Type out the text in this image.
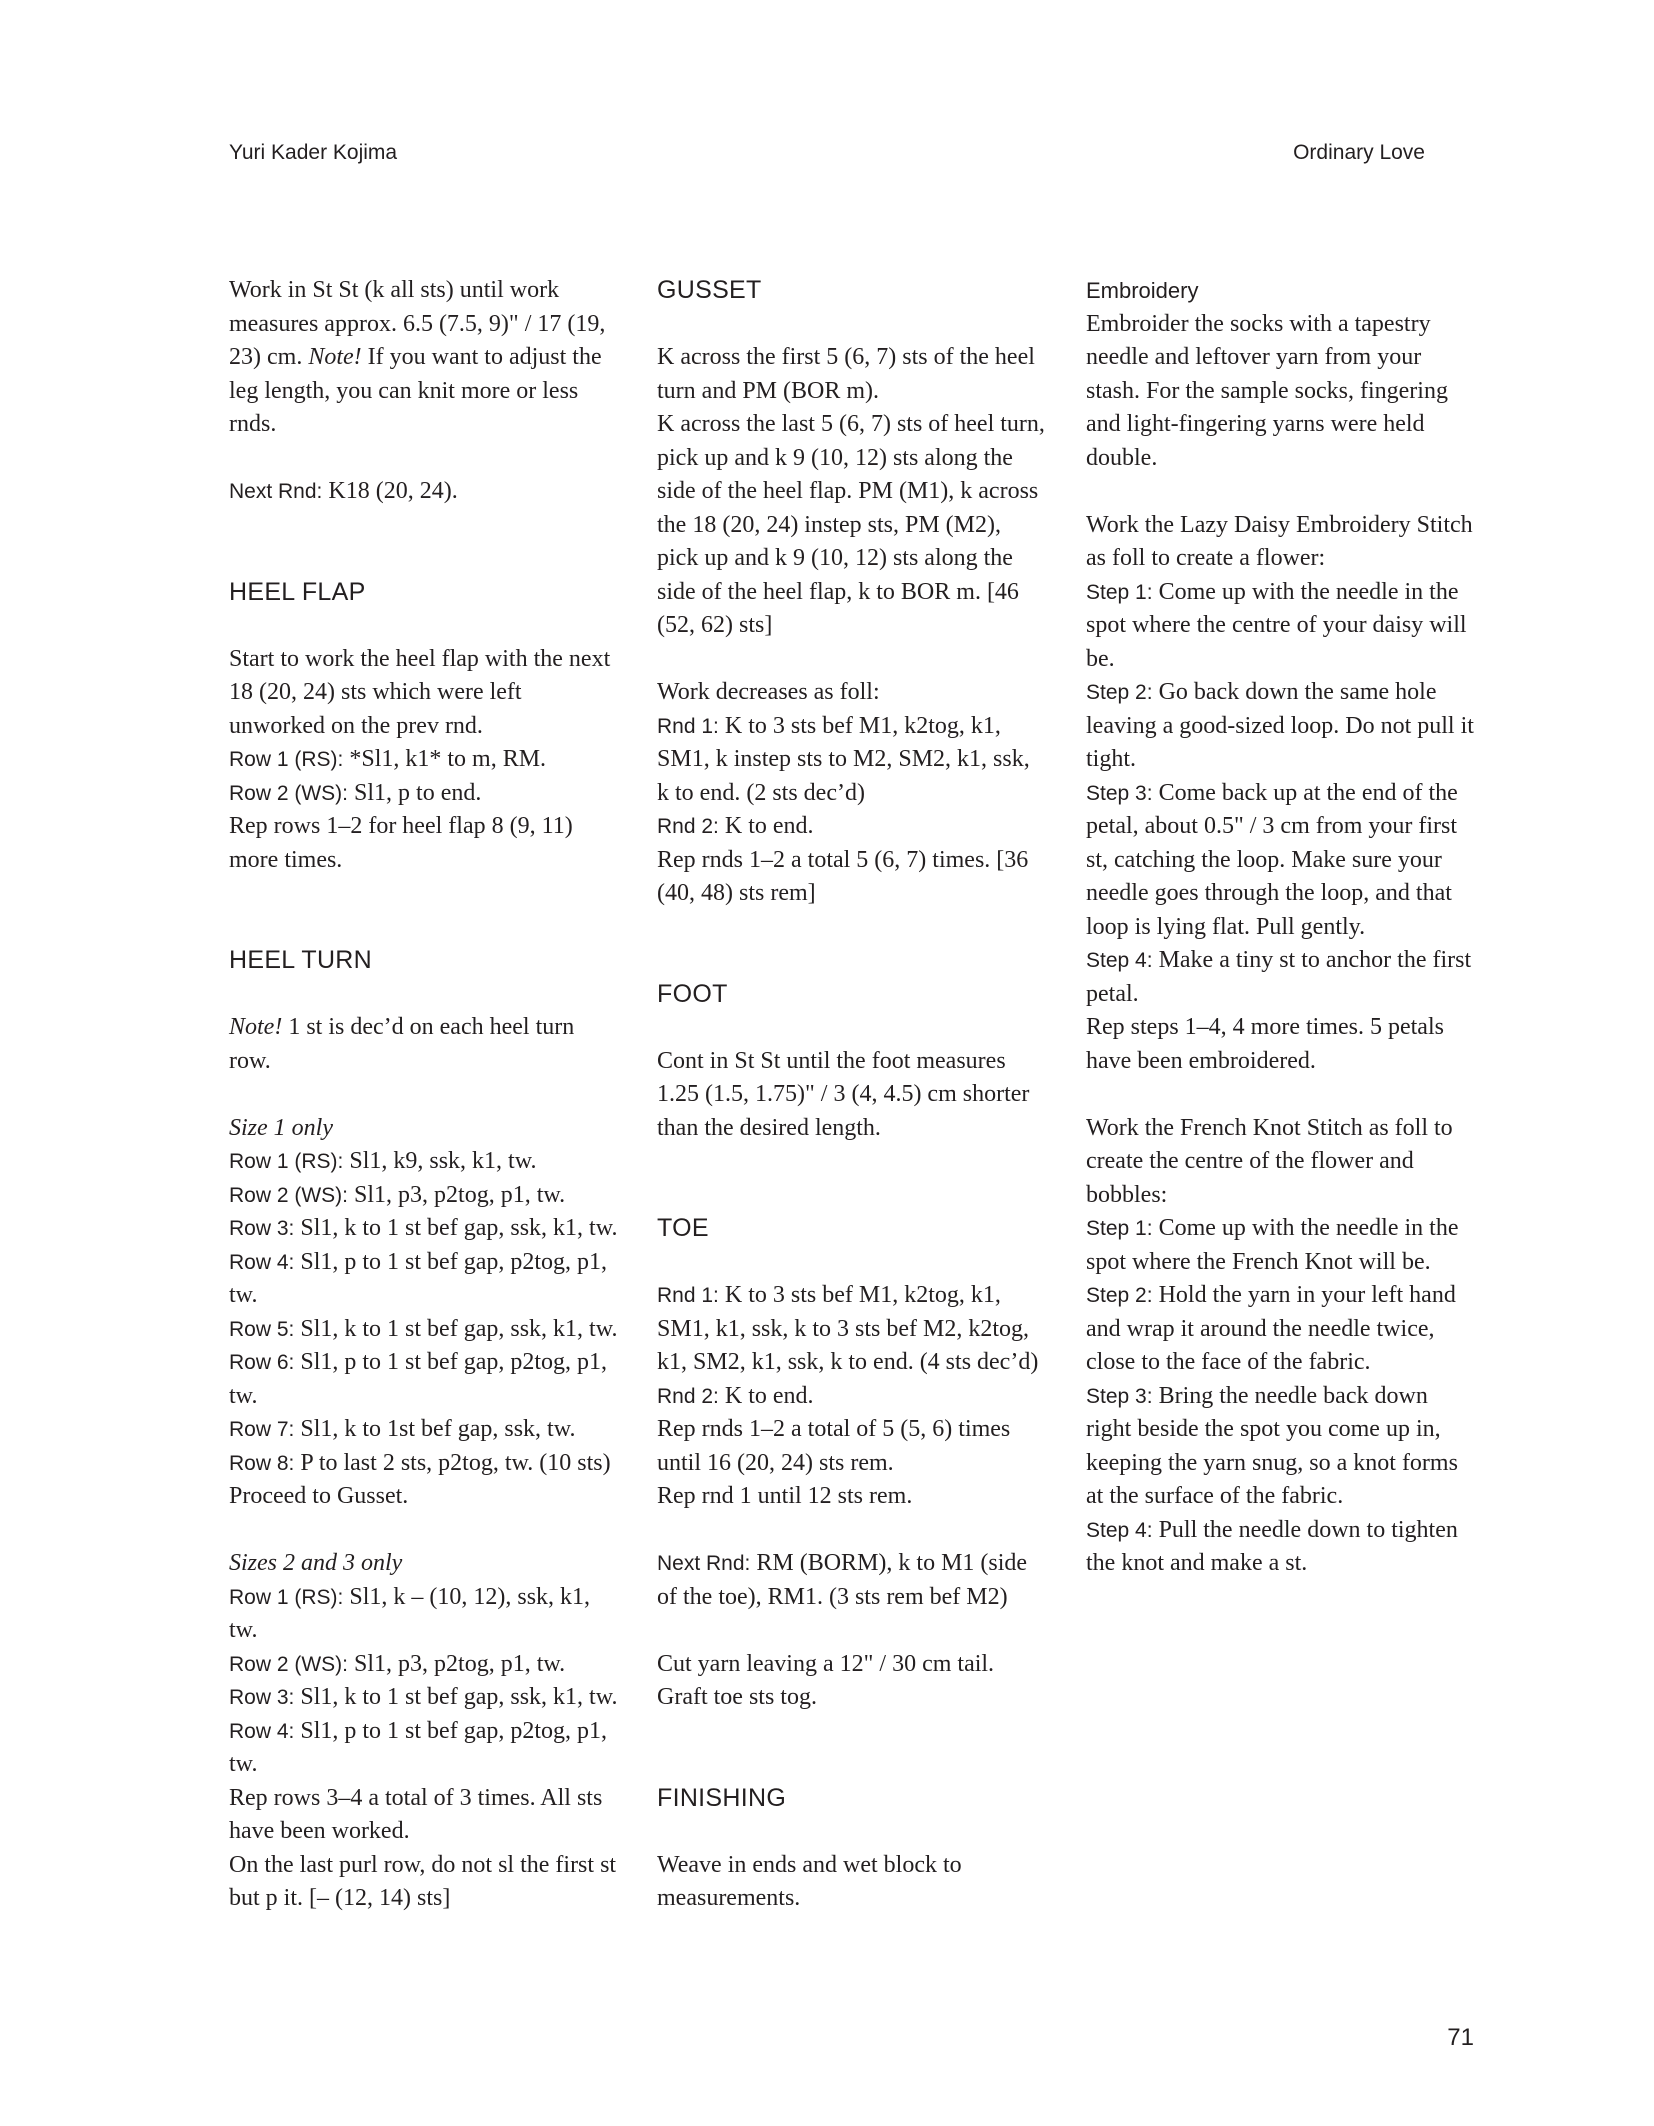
Yuri Kader Kojima	Ordinary Love

Work in St St (k all sts) until work measures approx. 6.5 (7.5, 9)" / 17 (19, 23) cm. Note! If you want to adjust the leg length, you can knit more or less rnds.

Next Rnd: K18 (20, 24).

HEEL FLAP

Start to work the heel flap with the next 18 (20, 24) sts which were left unworked on the prev rnd.

Row 1 (RS): *Sl1, k1* to m, RM.

Row 2 (WS): Sl1, p to end.

Rep rows 1–2 for heel flap 8 (9, 11) more times.

HEEL TURN

Note! 1 st is dec’d on each heel turn row.

Size 1 only

Row 1 (RS): Sl1, k9, ssk, k1, tw.

Row 2 (WS): Sl1, p3, p2tog, p1, tw.

Row 3: Sl1, k to 1 st bef gap, ssk, k1, tw.

Row 4: Sl1, p to 1 st bef gap, p2tog, p1, tw.

Row 5: Sl1, k to 1 st bef gap, ssk, k1, tw.

Row 6: Sl1, p to 1 st bef gap, p2tog, p1, tw.

Row 7: Sl1, k to 1st bef gap, ssk, tw.

Row 8: P to last 2 sts, p2tog, tw. (10 sts)

Proceed to Gusset.

Sizes 2 and 3 only

Row 1 (RS): Sl1, k – (10, 12), ssk, k1, tw.

Row 2 (WS): Sl1, p3, p2tog, p1, tw.

Row 3: Sl1, k to 1 st bef gap, ssk, k1, tw.

Row 4: Sl1, p to 1 st bef gap, p2tog, p1, tw.

Rep rows 3–4 a total of 3 times. All sts have been worked.

On the last purl row, do not sl the first st but p it. [– (12, 14) sts]

GUSSET

K across the first 5 (6, 7) sts of the heel turn and PM (BOR m).

K across the last 5 (6, 7) sts of heel turn, pick up and k 9 (10, 12) sts along the side of the heel flap. PM (M1), k across the 18 (20, 24) instep sts, PM (M2), pick up and k 9 (10, 12) sts along the side of the heel flap, k to BOR m. [46 (52, 62) sts]

Work decreases as foll:

Rnd 1: K to 3 sts bef M1, k2tog, k1, SM1, k instep sts to M2, SM2, k1, ssk, k to end. (2 sts dec’d)

Rnd 2: K to end.

Rep rnds 1–2 a total 5 (6, 7) times. [36 (40, 48) sts rem]

FOOT

Cont in St St until the foot measures 1.25 (1.5, 1.75)" / 3 (4, 4.5) cm shorter than the desired length.

TOE

Rnd 1: K to 3 sts bef M1, k2tog, k1, SM1, k1, ssk, k to 3 sts bef M2, k2tog, k1, SM2, k1, ssk, k to end. (4 sts dec’d)

Rnd 2: K to end.

Rep rnds 1–2 a total of 5 (5, 6) times until 16 (20, 24) sts rem.

Rep rnd 1 until 12 sts rem.

Next Rnd: RM (BORM), k to M1 (side of the toe), RM1. (3 sts rem bef M2)

Cut yarn leaving a 12" / 30 cm tail. Graft toe sts tog.

FINISHING

Weave in ends and wet block to measurements.

Embroidery

Embroider the socks with a tapestry needle and leftover yarn from your stash. For the sample socks, fingering and light-fingering yarns were held double.

Work the Lazy Daisy Embroidery Stitch as foll to create a flower:

Step 1: Come up with the needle in the spot where the centre of your daisy will be.

Step 2: Go back down the same hole leaving a good-sized loop. Do not pull it tight.

Step 3: Come back up at the end of the petal, about 0.5" / 3 cm from your first st, catching the loop. Make sure your needle goes through the loop, and that loop is lying flat. Pull gently.

Step 4: Make a tiny st to anchor the first petal.

Rep steps 1–4, 4 more times. 5 petals have been embroidered.

Work the French Knot Stitch as foll to create the centre of the flower and bobbles:

Step 1: Come up with the needle in the spot where the French Knot will be.

Step 2: Hold the yarn in your left hand and wrap it around the needle twice, close to the face of the fabric.

Step 3: Bring the needle back down right beside the spot you come up in, keeping the yarn snug, so a knot forms at the surface of the fabric.

Step 4: Pull the needle down to tighten the knot and make a st.

71
